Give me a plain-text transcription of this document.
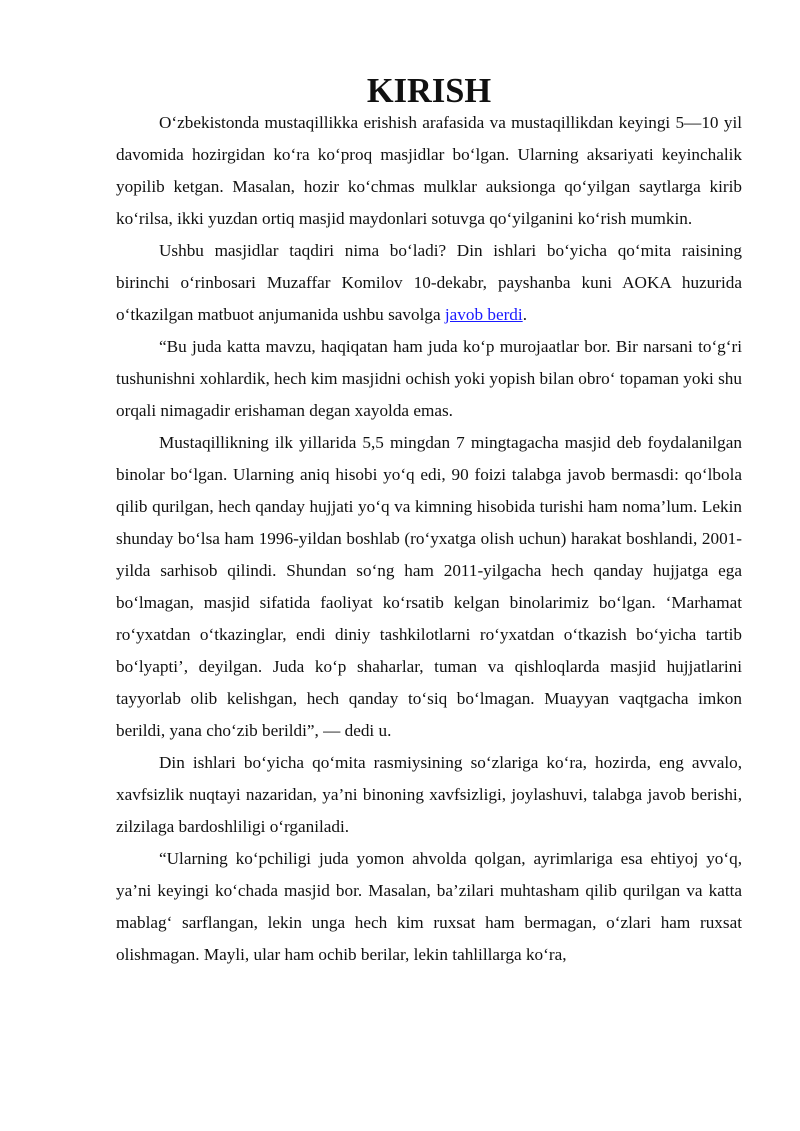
KIRISH

O‘zbekistonda mustaqillikka erishish arafasida va mustaqillikdan keyingi 5—10 yil davomida hozirgidan ko‘ra ko‘proq masjidlar bo‘lgan. Ularning aksariyati keyinchalik yopilib ketgan. Masalan, hozir ko‘chmas mulklar auksionga qo‘yilgan saytlarga kirib ko‘rilsa, ikki yuzdan ortiq masjid maydonlari sotuvga qo‘yilganini ko‘rish mumkin.

Ushbu masjidlar taqdiri nima bo‘ladi? Din ishlari bo‘yicha qo‘mita raisining birinchi o‘rinbosari Muzaffar Komilov 10-dekabr, payshanba kuni AOKA huzurida o‘tkazilgan matbuot anjumanida ushbu savolga javob berdi.

“Bu juda katta mavzu, haqiqatan ham juda ko‘p murojaatlar bor. Bir narsani to‘g‘ri tushunishni xohlardik, hech kim masjidni ochish yoki yopish bilan obro‘ topaman yoki shu orqali nimagadir erishaman degan xayolda emas.

Mustaqillikning ilk yillarida 5,5 mingdan 7 mingtagacha masjid deb foydalanilgan binolar bo‘lgan. Ularning aniq hisobi yo‘q edi, 90 foizi talabga javob bermasdi: qo‘lbola qilib qurilgan, hech qanday hujjati yo‘q va kimning hisobida turishi ham noma’lum. Lekin shunday bo‘lsa ham 1996-yildan boshlab (ro‘yxatga olish uchun) harakat boshlandi, 2001-yilda sarhisob qilindi. Shundan so‘ng ham 2011-yilgacha hech qanday hujjatga ega bo‘lmagan, masjid sifatida faoliyat ko‘rsatib kelgan binolarimiz bo‘lgan. ‘Marhamat ro‘yxatdan o‘tkazinglar, endi diniy tashkilotlarni ro‘yxatdan o‘tkazish bo‘yicha tartib bo‘lyapti’, deyilgan. Juda ko‘p shaharlar, tuman va qishloqlarda masjid hujjatlarini tayyorlab olib kelishgan, hech qanday to‘siq bo‘lmagan. Muayyan vaqtgacha imkon berildi, yana cho‘zib berildi”, — dedi u.

Din ishlari bo‘yicha qo‘mita rasmiysining so‘zlariga ko‘ra, hozirda, eng avvalo, xavfsizlik nuqtayi nazaridan, ya’ni binoning xavfsizligi, joylashuvi, talabga javob berishi, zilzilaga bardoshliligi o‘rganiladi.

“Ularning ko‘pchiligi juda yomon ahvolda qolgan, ayrimlariga esa ehtiyoj yo‘q, ya’ni keyingi ko‘chada masjid bor. Masalan, ba’zilari muhtasham qilib qurilgan va katta mablag‘ sarflangan, lekin unga hech kim ruxsat ham bermagan, o‘zlari ham ruxsat olishmagan. Mayli, ular ham ochib berilar, lekin tahlillarga ko‘ra,
